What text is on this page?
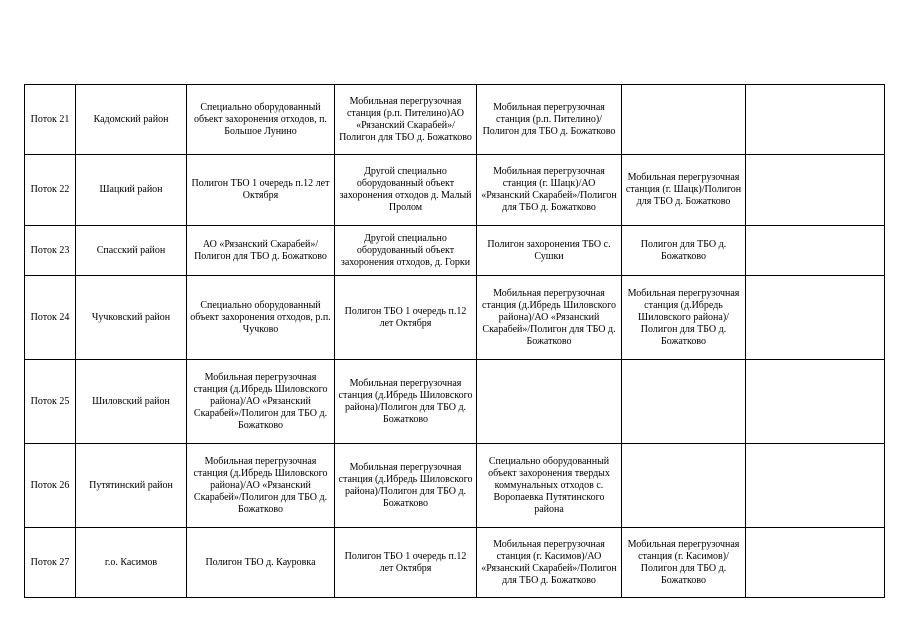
Поток 21	Кадомский район	Специально оборудованный объект захоронения отходов, п. Большое Лунино	Мобильная перегрузочная станция (р.п. Пителино)АО «Рязанский Скарабей»/Полигон для ТБО д. Божатково	Мобильная перегрузочная станция (р.п. Пителино)/Полигон для ТБО д. Божатково		
Поток 22	Шацкий район	Полигон ТБО 1 очередь п.12 лет Октября	Другой специально оборудованный объект захоронения отходов д. Малый Пролом	Мобильная перегрузочная станция (г. Шацк)/АО «Рязанский Скарабей»/Полигон для ТБО д. Божатково	Мобильная перегрузочная станция (г. Шацк)/Полигон для ТБО д. Божатково	
Поток 23	Спасский район	АО «Рязанский Скарабей»/Полигон для ТБО д. Божатково	Другой специально оборудованный объект захоронения отходов, д. Горки	Полигон захоронения ТБО с. Сушки	Полигон для ТБО д. Божатково	
Поток 24	Чучковский район	Специально оборудованный объект захоронения отходов, р.п. Чучково	Полигон ТБО 1 очередь п.12 лет Октября	Мобильная перегрузочная станция (д.Ибредь Шиловского района)/АО «Рязанский Скарабей»/Полигон для ТБО д. Божатково	Мобильная перегрузочная станция (д.Ибредь Шиловского района)/Полигон для ТБО д. Божатково	
Поток 25	Шиловский район	Мобильная перегрузочная станция (д.Ибредь Шиловского района)/АО «Рязанский Скарабей»/Полигон для ТБО д. Божатково	Мобильная перегрузочная станция (д.Ибредь Шиловского района)/Полигон для ТБО д. Божатково			
Поток 26	Путятинский район	Мобильная перегрузочная станция (д.Ибредь Шиловского района)/АО «Рязанский Скарабей»/Полигон для ТБО д. Божатково	Мобильная перегрузочная станция (д.Ибредь Шиловского района)/Полигон для ТБО д. Божатково	Специально оборудованный объект захоронения твердых коммунальных отходов с. Воропаевка Путятинского района		
Поток 27	г.о. Касимов	Полигон ТБО д. Кауровка	Полигон ТБО 1 очередь п.12 лет Октября	Мобильная перегрузочная станция (г. Касимов)/АО «Рязанский Скарабей»/Полигон для ТБО д. Божатково	Мобильная перегрузочная станция (г. Касимов)/Полигон для ТБО д. Божатково	
